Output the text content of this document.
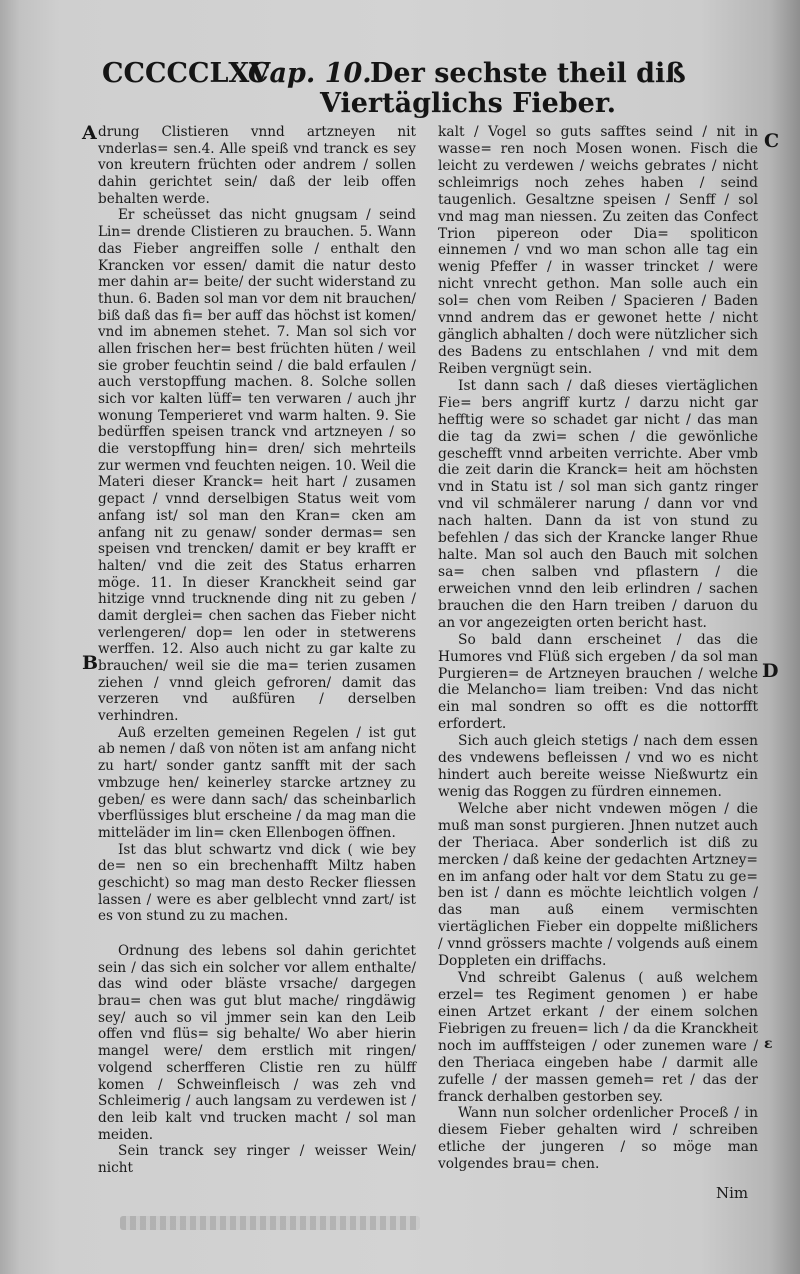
CCCCCLXV
Cap. 10.
Der sechste theil diß
Viertäglichs Fieber.
A
B
C
D
ε

drung Clistieren vnnd artzneyen nit vnderlas= sen.4. Alle speiß vnd tranck es sey von kreutern früchten oder andrem / sollen dahin gerichtet sein/ daß der leib offen behalten werde.

Er scheüsset das nicht gnugsam / seind Lin= drende Clistieren zu brauchen. 5. Wann das Fieber angreiffen solle / enthalt den Krancken vor essen/ damit die natur desto mer dahin ar= beite/ der sucht widerstand zu thun. 6. Baden sol man vor dem nit brauchen/ biß daß das fi= ber auff das höchst ist komen/ vnd im abnemen stehet. 7. Man sol sich vor allen frischen her= best früchten hüten / weil sie grober feuchtin seind / die bald erfaulen / auch verstopffung machen. 8. Solche sollen sich vor kalten lüff= ten verwaren / auch jhr wonung Temperieret vnd warm halten. 9. Sie bedürffen speisen tranck vnd artzneyen / so die verstopffung hin= dren/ sich mehrteils zur wermen vnd feuchten neigen. 10. Weil die Materi dieser Kranck= heit hart / zusamen gepact / vnnd derselbigen Status weit vom anfang ist/ sol man den Kran= cken am anfang nit zu genaw/ sonder dermas= sen speisen vnd trencken/ damit er bey krafft er halten/ vnd die zeit des Status erharren möge. 11. In dieser Kranckheit seind gar hitzige vnnd trucknende ding nit zu geben / damit derglei= chen sachen das Fieber nicht verlengeren/ dop= len oder in stetwerens werffen. 12. Also auch nicht zu gar kalte zu brauchen/ weil sie die ma= terien zusamen ziehen / vnnd gleich gefroren/ damit das verzeren vnd außfüren / derselben verhindren.

Auß erzelten gemeinen Regelen / ist gut ab nemen / daß von nöten ist am anfang nicht zu hart/ sonder gantz sanfft mit der sach vmbzuge hen/ keinerley starcke artzney zu geben/ es were dann sach/ das scheinbarlich vberflüssiges blut erscheine / da mag man die mitteläder im lin= cken Ellenbogen öffnen.

Ist das blut schwartz vnd dick ( wie bey de= nen so ein brechenhafft Miltz haben geschicht) so mag man desto Recker fliessen lassen / were es aber gelblecht vnnd zart/ ist es von stund zu zu machen.

Ordnung des lebens sol dahin gerichtet sein / das sich ein solcher vor allem enthalte/ das wind oder bläste vrsache/ dargegen brau= chen was gut blut mache/ ringdäwig sey/ auch so vil jmmer sein kan den Leib offen vnd flüs= sig behalte/ Wo aber hierin mangel were/ dem erstlich mit ringen/ volgend scherfferen Clistie ren zu hülff komen / Schweinfleisch / was zeh vnd Schleimerig / auch langsam zu verdewen ist / den leib kalt vnd trucken macht / sol man meiden.

Sein tranck sey ringer / weisser Wein/ nicht

kalt / Vogel so guts safftes seind / nit in wasse= ren noch Mosen wonen. Fisch die leicht zu verdewen / weichs gebrates / nicht schleimrigs noch zehes haben / seind taugenlich. Gesaltzne speisen / Senff / sol vnd mag man niessen. Zu zeiten das Confect Trion pipereon oder Dia= spoliticon einnemen / vnd wo man schon alle tag ein wenig Pfeffer / in wasser trincket / were nicht vnrecht gethon. Man solle auch ein sol= chen vom Reiben / Spacieren / Baden vnnd andrem das er gewonet hette / nicht gänglich abhalten / doch were nützlicher sich des Badens zu entschlahen / vnd mit dem Reiben vergnügt sein.

Ist dann sach / daß dieses viertäglichen Fie= bers angriff kurtz / darzu nicht gar hefftig were so schadet gar nicht / das man die tag da zwi= schen / die gewönliche geschefft vnnd arbeiten verrichte. Aber vmb die zeit darin die Kranck= heit am höchsten vnd in Statu ist / sol man sich gantz ringer vnd vil schmälerer narung / dann vor vnd nach halten. Dann da ist von stund zu befehlen / das sich der Krancke langer Rhue halte. Man sol auch den Bauch mit solchen sa= chen salben vnd pflastern / die erweichen vnnd den leib erlindren / sachen brauchen die den Harn treiben / daruon du an vor angezeigten orten bericht hast.

So bald dann erscheinet / das die Humores vnd Flüß sich ergeben / da sol man Purgieren= de Artzneyen brauchen / welche die Melancho= liam treiben: Vnd das nicht ein mal sondren so offt es die nottorfft erfordert.

Sich auch gleich stetigs / nach dem essen des vndewens befleissen / vnd wo es nicht hindert auch bereite weisse Nießwurtz ein wenig das Roggen zu fürdren einnemen.

Welche aber nicht vndewen mögen / die muß man sonst purgieren. Jhnen nutzet auch der Theriaca. Aber sonderlich ist diß zu mercken / daß keine der gedachten Artzney= en im anfang oder halt vor dem Statu zu ge= ben ist / dann es möchte leichtlich volgen / das man auß einem vermischten viertäglichen Fieber ein doppelte mißlichers / vnnd grössers machte / volgends auß einem Doppleten ein driffachs.

Vnd schreibt Galenus ( auß welchem erzel= tes Regiment genomen ) er habe einen Artzet erkant / der einem solchen Fiebrigen zu freuen= lich / da die Kranckheit noch im aufffsteigen / oder zunemen ware / den Theriaca eingeben habe / darmit alle zufelle / der massen gemeh= ret / das der franck derhalben gestorben sey.

Wann nun solcher ordenlicher Proceß / in diesem Fieber gehalten wird / schreiben etliche der jungeren / so möge man volgendes brau= chen.

Nim
